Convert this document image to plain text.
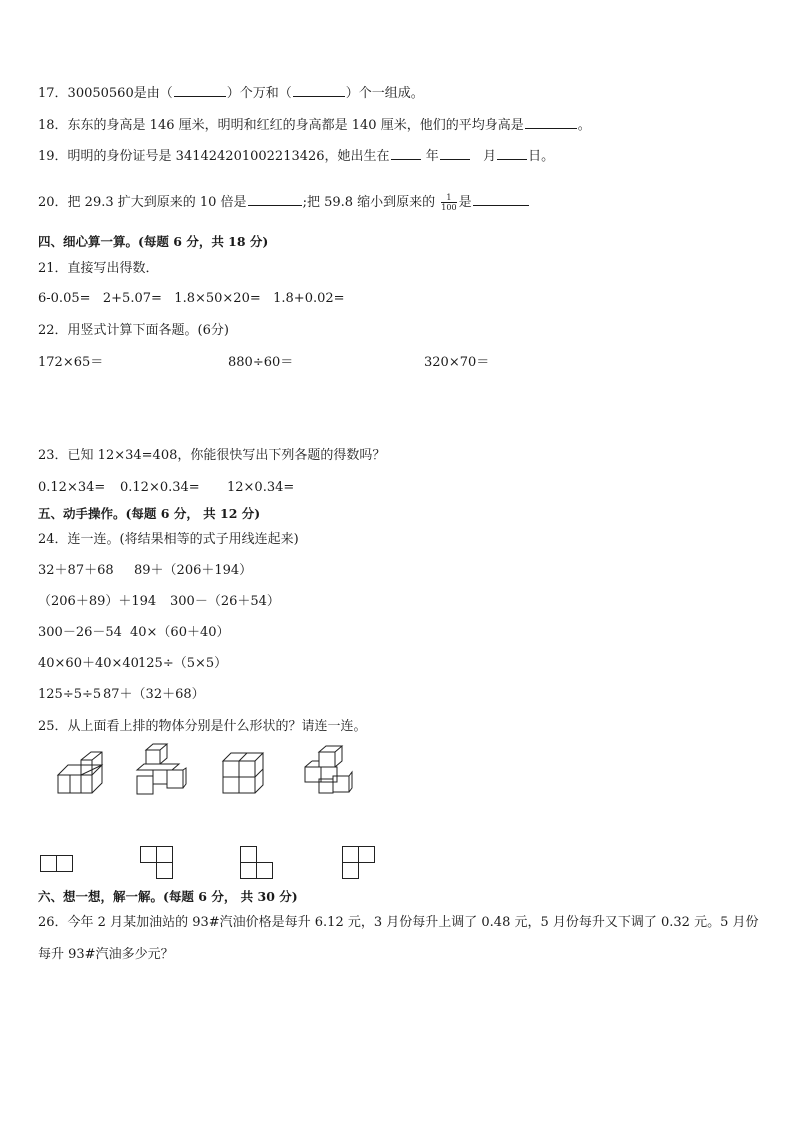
17．30050560是由（	）个万和（	）个一组成。
18．东东的身高是 146 厘米，明明和红红的身高都是 140 厘米，他们的平均身高是	。
19．明明的身份证号是 341424201002213426，她出生在	年	月 日。
20．把 29.3 扩大到原来的 10 倍是	;把 59.8 缩小到原来的 $\frac{1}{100}$ 是
四、细心算一算。(每题 6 分，共 18 分)
21．直接写出得数．
6-0.05=   2+5.07=   1.8×50×20=   1.8+0.02=
22．用竖式计算下面各题。(6分)
172×65＝	880÷60＝	320×70＝
23．已知 12×34=408，你能很快写出下列各题的得数吗？
0.12×34= 0.12×0.34= 12×0.34=
五、动手操作。(每题 6 分， 共 12 分)
24．连一连。(将结果相等的式子用线连起来)
32＋87＋68 89＋（206＋194）
（206＋89）＋194 300－（26＋54）
300－26－54 40×（60＋40）
40×60＋40×40 125÷（5×5）
125÷5÷5 87＋（32＋68）
25．从上面看上排的物体分别是什么形状的？请连一连。
六、想一想，解一解。(每题 6 分， 共 30 分)
26．今年 2 月某加油站的 93#汽油价格是每升 6.12 元，3 月份每升上调了 0.48 元，5 月份每升又下调了 0.32 元。5 月份
每升 93#汽油多少元？
